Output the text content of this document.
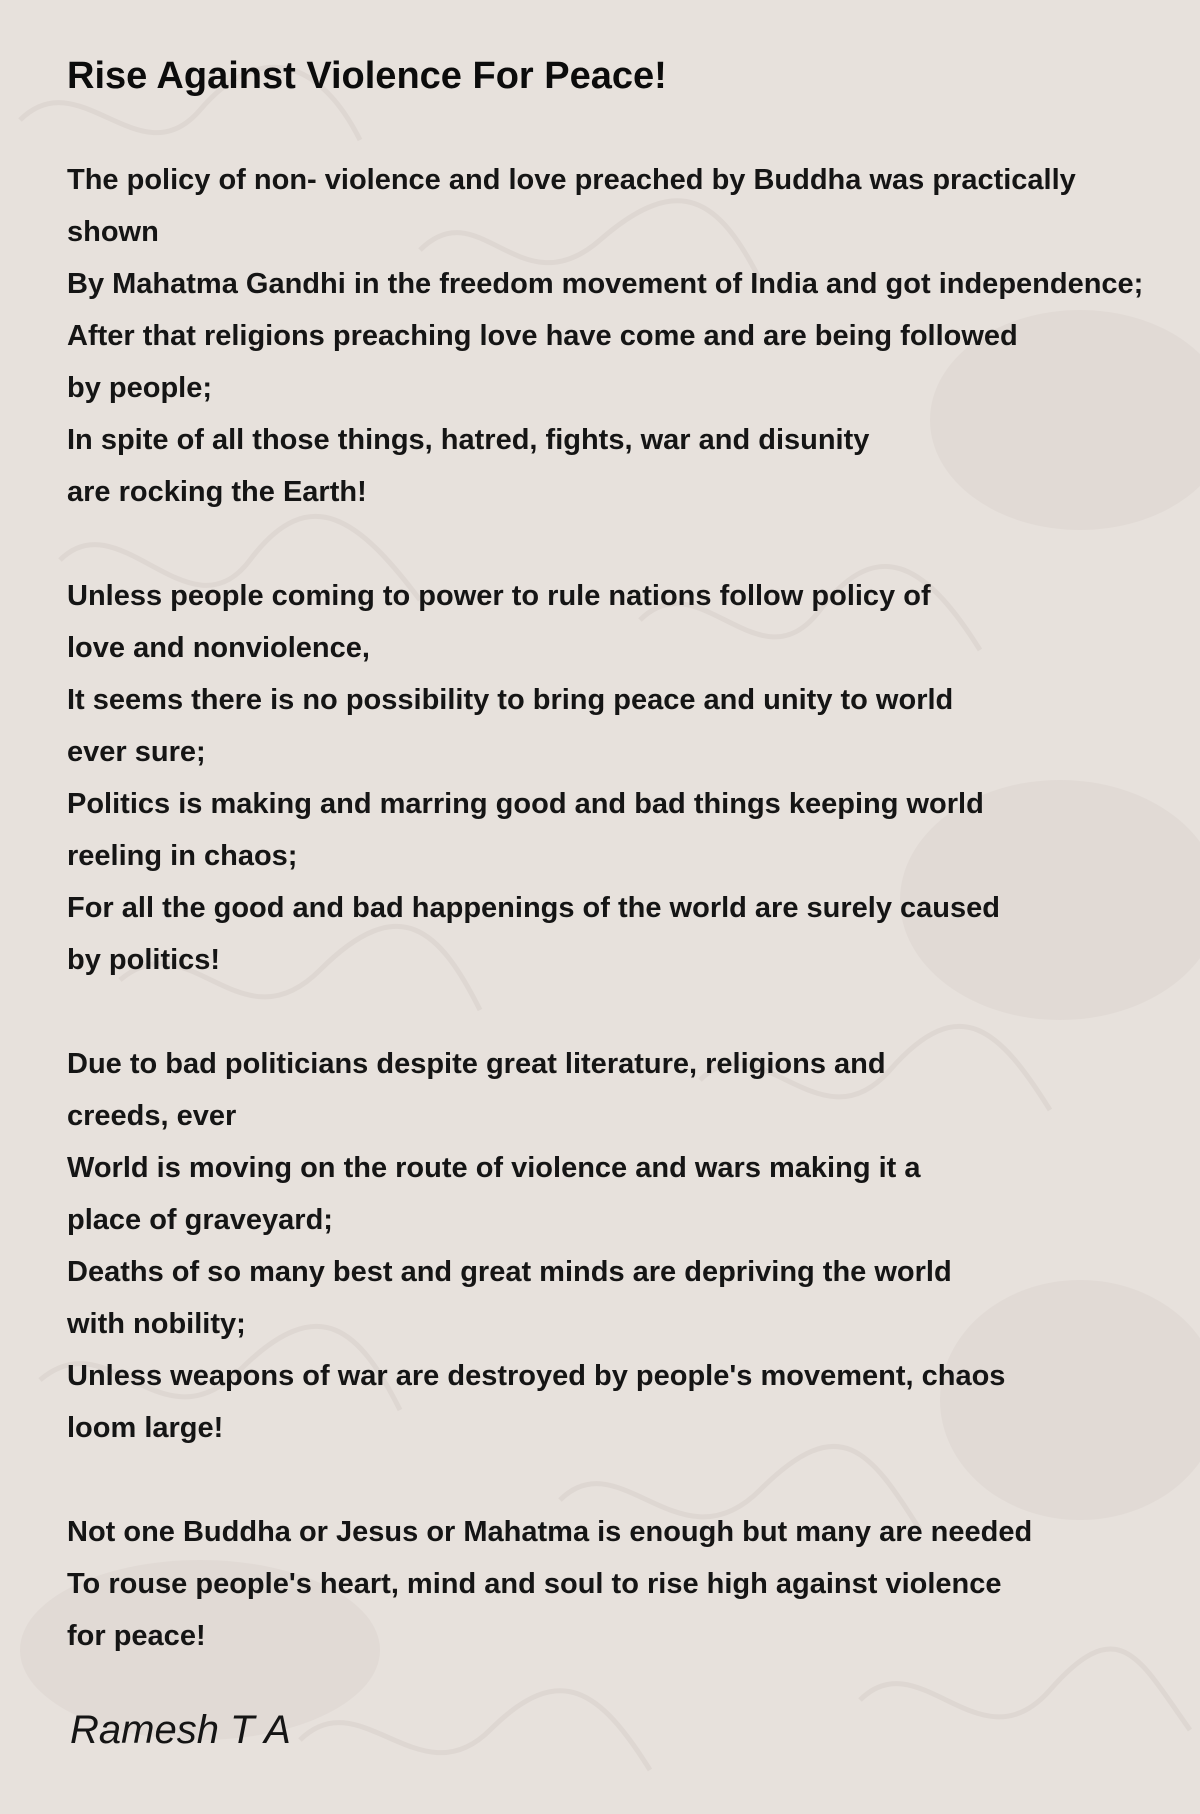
Rise Against Violence For Peace!
The policy of non- violence and love preached by Buddha was practically
shown
By Mahatma Gandhi in the freedom movement of India and got independence;
After that religions preaching love have come and are being followed
by people;
In spite of all those things, hatred, fights, war and disunity
are rocking the Earth!
Unless people coming to power to rule nations follow policy of
love and nonviolence,
It seems there is no possibility to bring peace and unity to world
ever sure;
Politics is making and marring good and bad things keeping world
reeling in chaos;
For all the good and bad happenings of the world are surely caused
by politics!
Due to bad politicians despite great literature, religions and
creeds, ever
World is moving on the route of violence and wars making it a
place of graveyard;
Deaths of so many best and great minds are depriving the world
with nobility;
Unless weapons of war are destroyed by people's movement, chaos
loom large!
Not one Buddha or Jesus or Mahatma is enough but many are needed
To rouse people's heart, mind and soul to rise high against violence
for peace!
Ramesh T A
